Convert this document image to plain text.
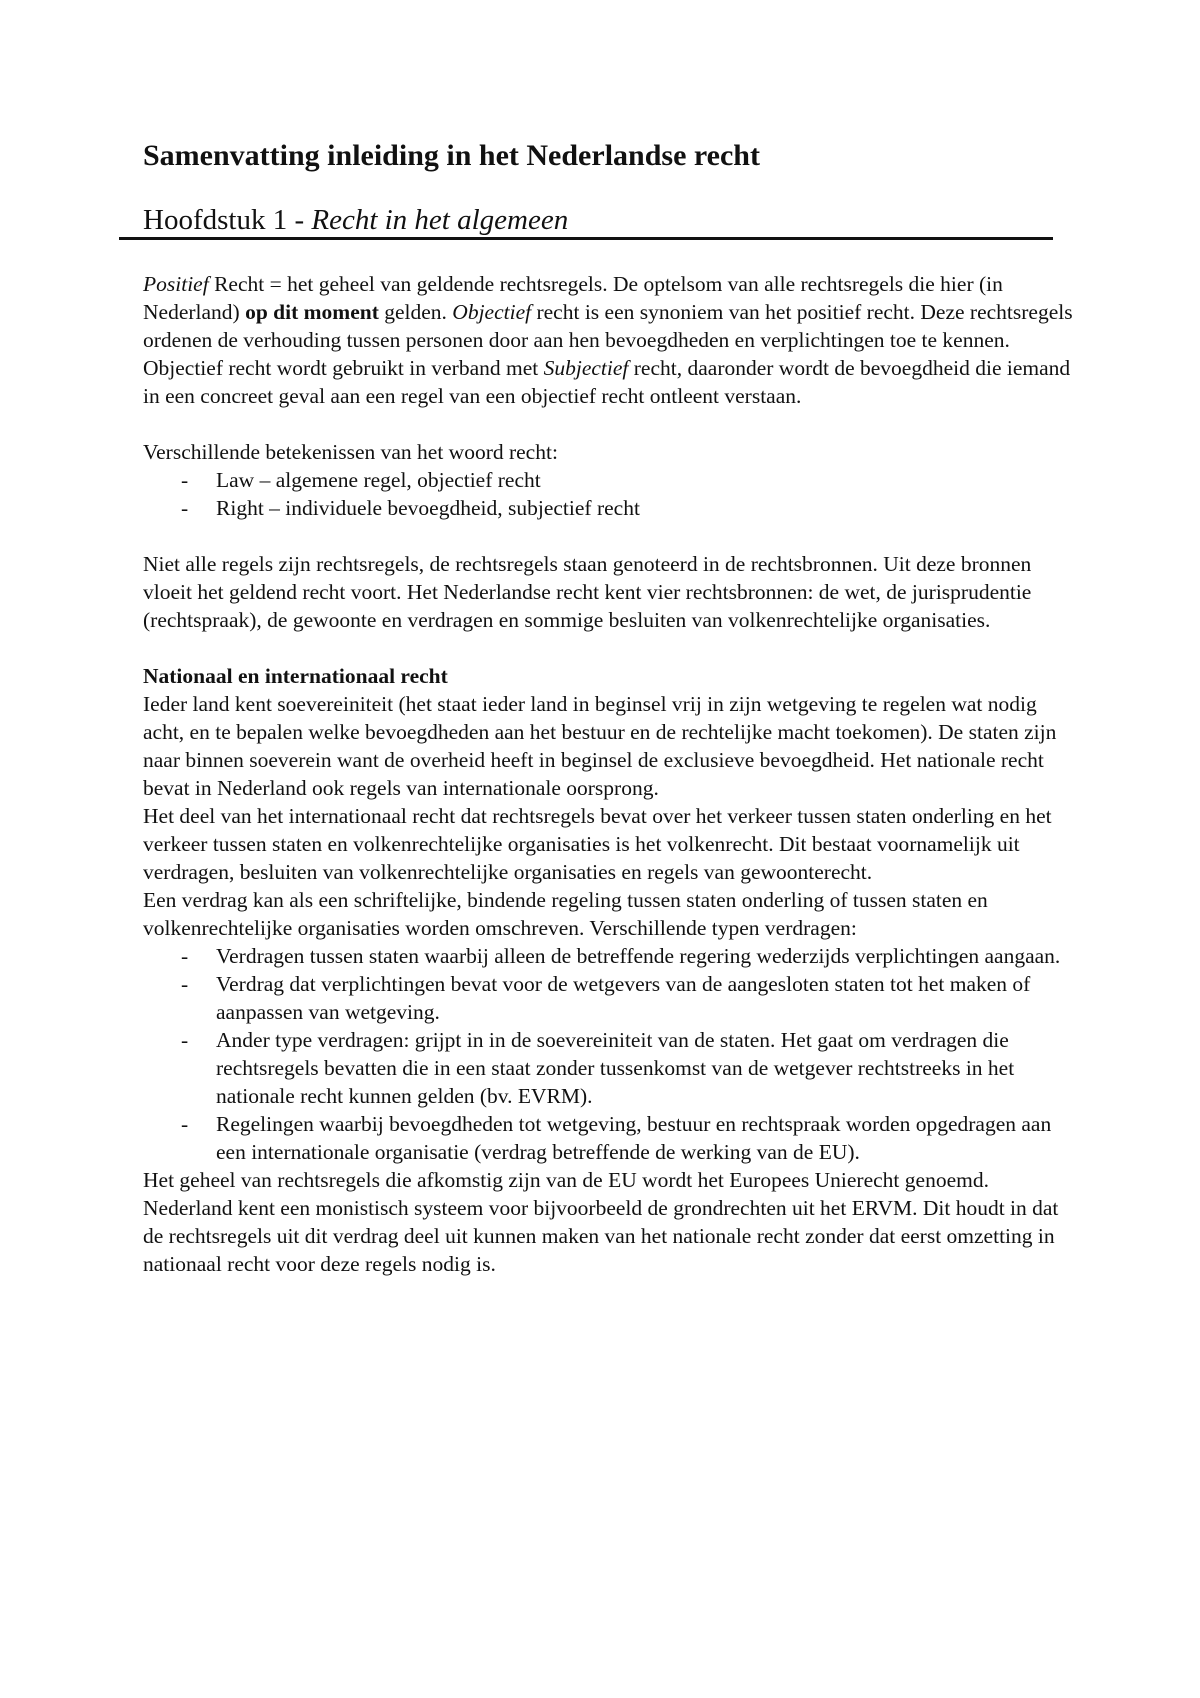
Samenvatting inleiding in het Nederlandse recht
Hoofdstuk 1 - Recht in het algemeen

Positief Recht = het geheel van geldende rechtsregels. De optelsom van alle rechtsregels die hier (in Nederland) op dit moment gelden. Objectief recht is een synoniem van het positief recht. Deze rechtsregels ordenen de verhouding tussen personen door aan hen bevoegdheden en verplichtingen toe te kennen. Objectief recht wordt gebruikt in verband met Subjectief recht, daaronder wordt de bevoegdheid die iemand in een concreet geval aan een regel van een objectief recht ontleent verstaan.

Verschillende betekenissen van het woord recht:

- Law – algemene regel, objectief recht
- Right – individuele bevoegdheid, subjectief recht

Niet alle regels zijn rechtsregels, de rechtsregels staan genoteerd in de rechtsbronnen. Uit deze bronnen vloeit het geldend recht voort. Het Nederlandse recht kent vier rechtsbronnen: de wet, de jurisprudentie (rechtspraak), de gewoonte en verdragen en sommige besluiten van volkenrechtelijke organisaties.

Nationaal en internationaal recht

Ieder land kent soevereiniteit (het staat ieder land in beginsel vrij in zijn wetgeving te regelen wat nodig acht, en te bepalen welke bevoegdheden aan het bestuur en de rechtelijke macht toekomen). De staten zijn naar binnen soeverein want de overheid heeft in beginsel de exclusieve bevoegdheid. Het nationale recht bevat in Nederland ook regels van internationale oorsprong.

Het deel van het internationaal recht dat rechtsregels bevat over het verkeer tussen staten onderling en het verkeer tussen staten en volkenrechtelijke organisaties is het volkenrecht. Dit bestaat voornamelijk uit verdragen, besluiten van volkenrechtelijke organisaties en regels van gewoonterecht.

Een verdrag kan als een schriftelijke, bindende regeling tussen staten onderling of tussen staten en volkenrechtelijke organisaties worden omschreven. Verschillende typen verdragen:

- Verdragen tussen staten waarbij alleen de betreffende regering wederzijds verplichtingen aangaan.
- Verdrag dat verplichtingen bevat voor de wetgevers van de aangesloten staten tot het maken of aanpassen van wetgeving.
- Ander type verdragen: grijpt in in de soevereiniteit van de staten. Het gaat om verdragen die rechtsregels bevatten die in een staat zonder tussenkomst van de wetgever rechtstreeks in het nationale recht kunnen gelden (bv. EVRM).
- Regelingen waarbij bevoegdheden tot wetgeving, bestuur en rechtspraak worden opgedragen aan een internationale organisatie (verdrag betreffende de werking van de EU).

Het geheel van rechtsregels die afkomstig zijn van de EU wordt het Europees Unierecht genoemd.

Nederland kent een monistisch systeem voor bijvoorbeeld de grondrechten uit het ERVM. Dit houdt in dat de rechtsregels uit dit verdrag deel uit kunnen maken van het nationale recht zonder dat eerst omzetting in nationaal recht voor deze regels nodig is.
